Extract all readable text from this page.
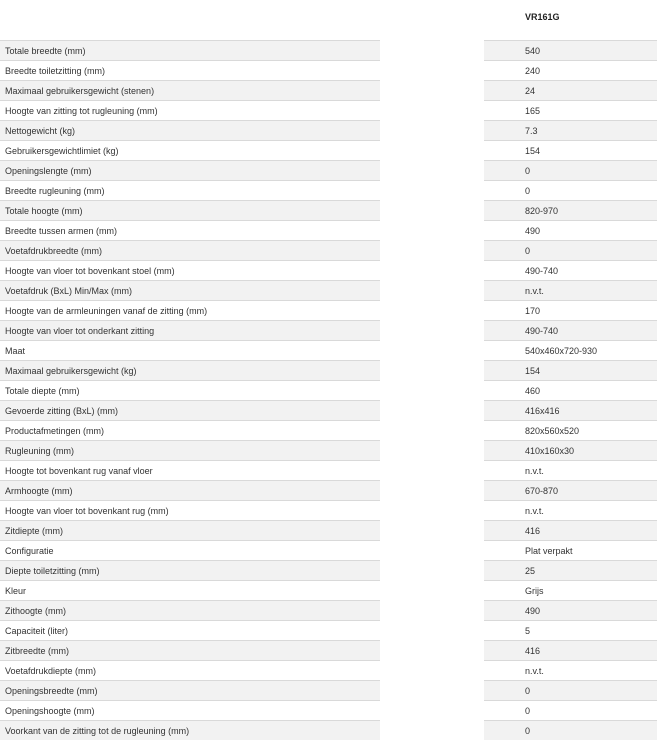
VR161G
Totale breedte (mm)	540
Breedte toiletzitting (mm)	240
Maximaal gebruikersgewicht (stenen)	24
Hoogte van zitting tot rugleuning (mm)	165
Nettogewicht (kg)	7.3
Gebruikersgewichtlimiet (kg)	154
Openingslengte (mm)	0
Breedte rugleuning (mm)	0
Totale hoogte (mm)	820-970
Breedte tussen armen (mm)	490
Voetafdrukbreedte (mm)	0
Hoogte van vloer tot bovenkant stoel (mm)	490-740
Voetafdruk (BxL) Min/Max (mm)	n.v.t.
Hoogte van de armleuningen vanaf de zitting (mm)	170
Hoogte van vloer tot onderkant zitting	490-740
Maat	540x460x720-930
Maximaal gebruikersgewicht (kg)	154
Totale diepte (mm)	460
Gevoerde zitting (BxL) (mm)	416x416
Productafmetingen (mm)	820x560x520
Rugleuning (mm)	410x160x30
Hoogte tot bovenkant rug vanaf vloer	n.v.t.
Armhoogte (mm)	670-870
Hoogte van vloer tot bovenkant rug (mm)	n.v.t.
Zitdiepte (mm)	416
Configuratie	Plat verpakt
Diepte toiletzitting (mm)	25
Kleur	Grijs
Zithoogte (mm)	490
Capaciteit (liter)	5
Zitbreedte (mm)	416
Voetafdrukdiepte (mm)	n.v.t.
Openingsbreedte (mm)	0
Openingshoogte (mm)	0
Voorkant van de zitting tot de rugleuning (mm)	0
